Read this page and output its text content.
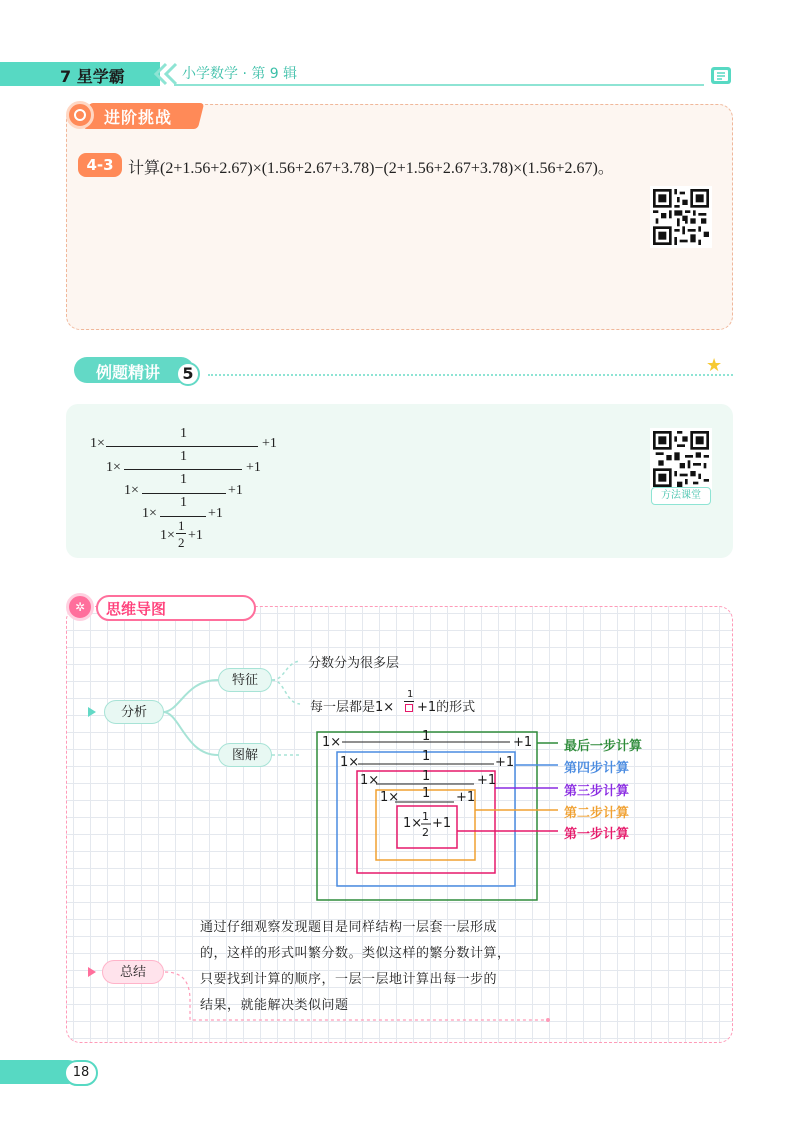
7 星学霸	小学数学 · 第 9 辑
进阶挑战
4-3 计算(2+1.56+2.67)×(1.56+2.67+3.78)−(2+1.56+2.67+3.78)×(1.56+2.67)。
例题精讲	5	★
1×
1
+1
1×
1
+1
1×
1
+1
1×
1
+1
1×
1
2 +1
方法课堂
✲	思维导图
分析
特征
图解
分数分为很多层
每一层都是1×
1
+1的形式
1×	1	+1
1×	1	+1
1×	1	+1
1× 1 +1
1× 1
2
+1
最后一步计算
第四步计算
第三步计算
第二步计算
第一步计算
总结
通过仔细观察发现题目是同样结构一层套一层形成
的，这样的形式叫繁分数。类似这样的繁分数计算，
只要找到计算的顺序，一层一层地计算出每一步的
结果，就能解决类似问题
18
